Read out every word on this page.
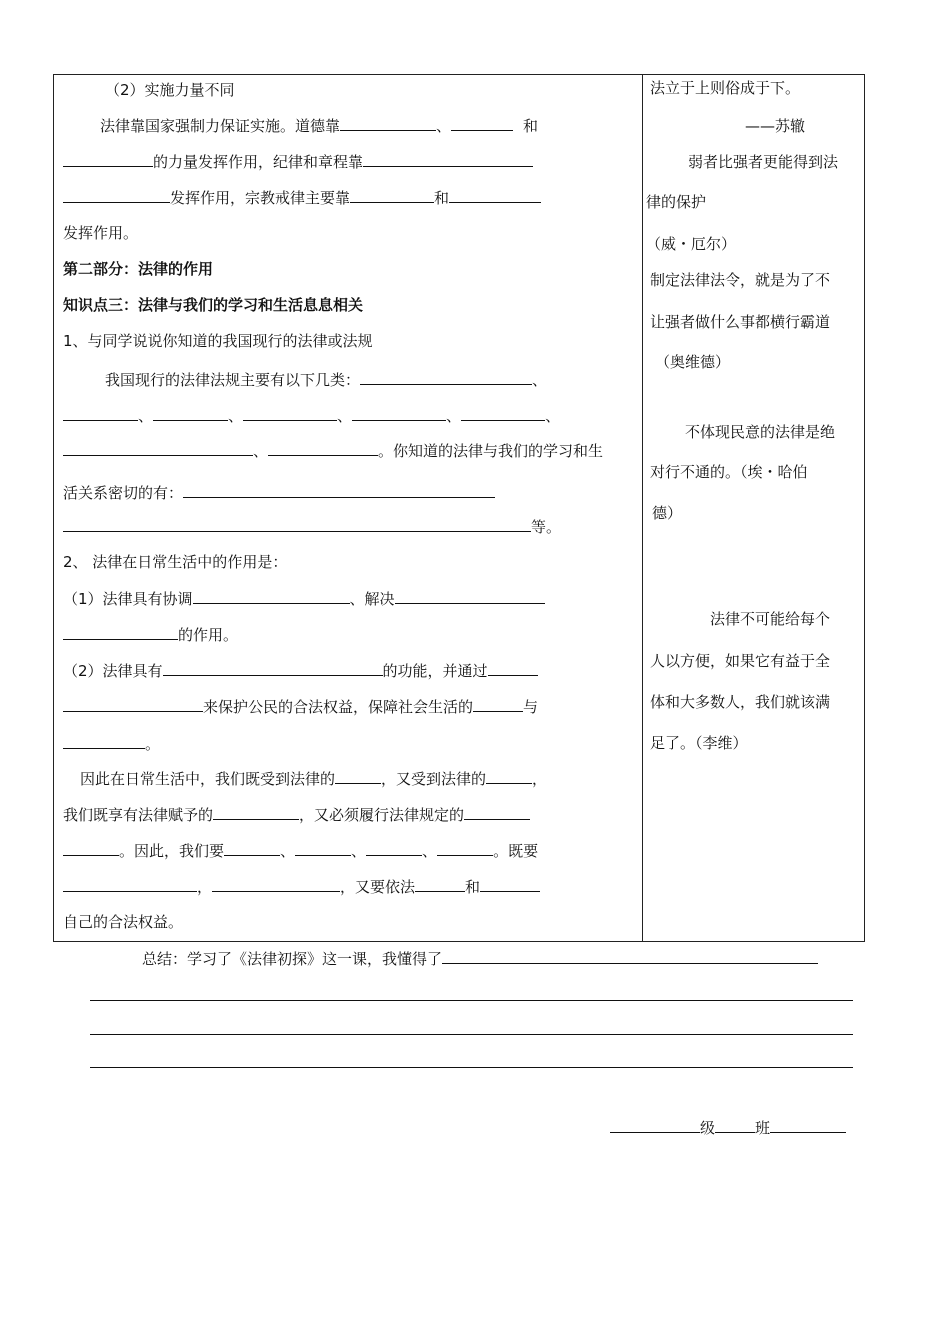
（2）实施力量不同
法律靠国家强制力保证实施。道德靠	、	和
的力量发挥作用，纪律和章程靠
发挥作用，宗教戒律主要靠	和
发挥作用。
第二部分：法律的作用
知识点三：法律与我们的学习和生活息息相关
1、与同学说说你知道的我国现行的法律或法规
我国现行的法律法规主要有以下几类：	、
、	、	、	、	、
、	。你知道的法律与我们的学习和生
活关系密切的有：
等。
2、 法律在日常生活中的作用是：
（1）法律具有协调	、解决
的作用。
（2）法律具有	的功能，并通过
来保护公民的合法权益，保障社会生活的	与
。
因此在日常生活中，我们既受到法律的	，又受到法律的	，
我们既享有法律赋予的	，又必须履行法律规定的
。因此，我们要	、	、	、	。既要
，	，又要依法	和
自己的合法权益。
法立于上则俗成于下。
——苏辙
弱者比强者更能得到法
律的保护
（威・厄尔）
制定法律法令，就是为了不
让强者做什么事都横行霸道
（奥维德）
不体现民意的法律是绝
对行不通的。（埃・哈伯
德）
法律不可能给每个
人以方便，如果它有益于全
体和大多数人，我们就该满
足了。（李维）
总结：学习了《法律初探》这一课，我懂得了
级	班
